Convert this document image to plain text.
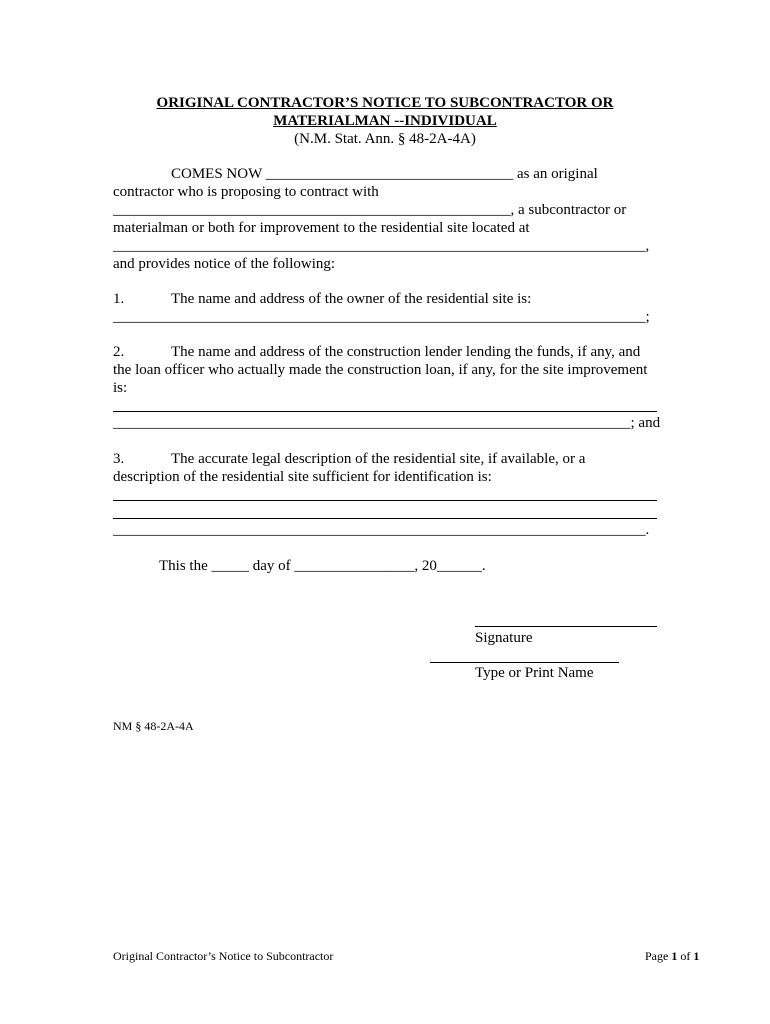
ORIGINAL CONTRACTOR’S NOTICE TO SUBCONTRACTOR OR
MATERIALMAN --INDIVIDUAL
(N.M. Stat. Ann. § 48-2A-4A)
COMES NOW _________________________________ as an original
contractor who is proposing to contract with
_____________________________________________________, a subcontractor or
materialman or both for improvement to the residential site located at
_______________________________________________________________________,
and provides notice of the following:
1.	The name and address of the owner of the residential site is:
_______________________________________________________________________;
2.	The name and address of the construction lender lending the funds, if any, and
the loan officer who actually made the construction loan, if any, for the site improvement
is:
_____________________________________________________________________; and
3.	The accurate legal description of the residential site, if available, or a
description of the residential site sufficient for identification is:
_______________________________________________________________________.
This the _____ day of ________________, 20______.
Signature
Type or Print Name
NM § 48-2A-4A
Original Contractor’s Notice to Subcontractor	Page 1 of 1
